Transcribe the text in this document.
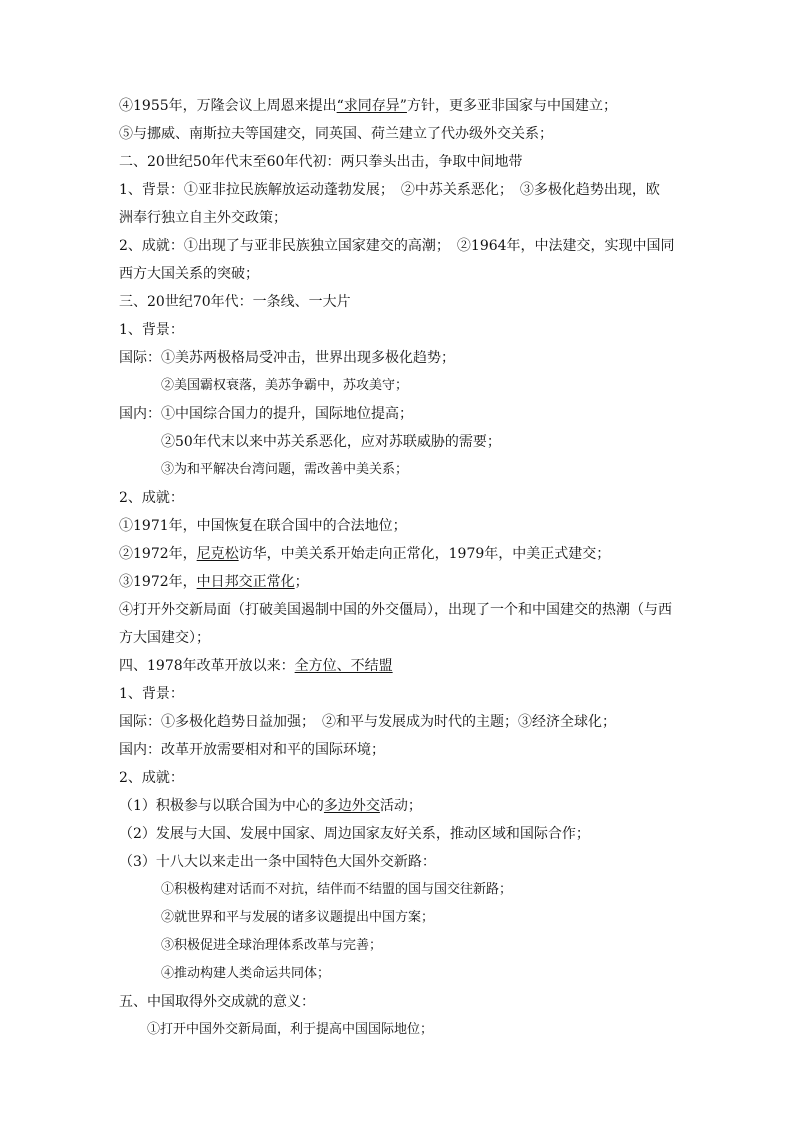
④1955年，万隆会议上周恩来提出“求同存异”方针，更多亚非国家与中国建立；
⑤与挪威、南斯拉夫等国建交，同英国、荷兰建立了代办级外交关系；
二、20世纪50年代末至60年代初：两只拳头出击，争取中间地带
1、背景：①亚非拉民族解放运动蓬勃发展；　②中苏关系恶化；　③多极化趋势出现，欧
洲奉行独立自主外交政策；
2、成就：①出现了与亚非民族独立国家建交的高潮；　②1964年，中法建交，实现中国同
西方大国关系的突破；
三、20世纪70年代：一条线、一大片
1、背景：
国际：①美苏两极格局受冲击，世界出现多极化趋势；
②美国霸权衰落，美苏争霸中，苏攻美守；
国内：①中国综合国力的提升，国际地位提高；
②50年代末以来中苏关系恶化，应对苏联威胁的需要；
③为和平解决台湾问题，需改善中美关系；
2、成就：
①1971年，中国恢复在联合国中的合法地位；
②1972年，尼克松访华，中美关系开始走向正常化，1979年，中美正式建交；
③1972年，中日邦交正常化；
④打开外交新局面（打破美国遏制中国的外交僵局），出现了一个和中国建交的热潮（与西
方大国建交）；
四、1978年改革开放以来：全方位、不结盟
1、背景：
国际：①多极化趋势日益加强；　②和平与发展成为时代的主题；③经济全球化；
国内：改革开放需要相对和平的国际环境；
2、成就：
（1）积极参与以联合国为中心的多边外交活动；
（2）发展与大国、发展中国家、周边国家友好关系，推动区域和国际合作；
（3）十八大以来走出一条中国特色大国外交新路：
①积极构建对话而不对抗，结伴而不结盟的国与国交往新路；
②就世界和平与发展的诸多议题提出中国方案；
③积极促进全球治理体系改革与完善；
④推动构建人类命运共同体；
五、中国取得外交成就的意义：
①打开中国外交新局面，利于提高中国国际地位；
